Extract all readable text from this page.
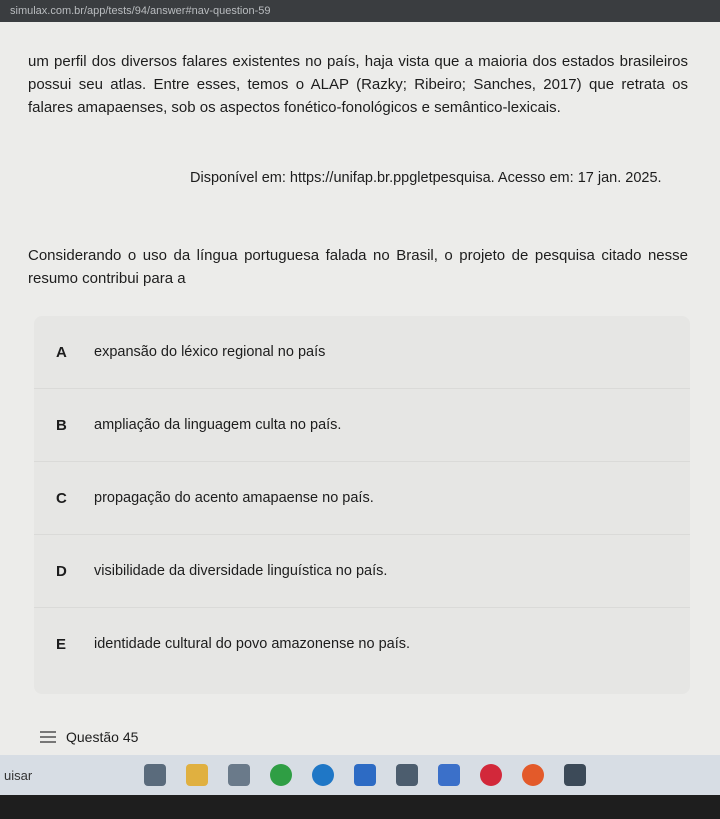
simulax.com.br/app/tests/94/answer#nav-question-59
um perfil dos diversos falares existentes no país, haja vista que a maioria dos estados brasileiros possui seu atlas. Entre esses, temos o ALAP (Razky; Ribeiro; Sanches, 2017) que retrata os falares amapaenses, sob os aspectos fonético-fonológicos e semântico-lexicais.
Disponível em: https://unifap.br.ppgletpesquisa. Acesso em: 17 jan. 2025.
Considerando o uso da língua portuguesa falada no Brasil, o projeto de pesquisa citado nesse resumo contribui para a
A	expansão do léxico regional no país
B	ampliação da linguagem culta no país.
C	propagação do acento amapaense no país.
D	visibilidade da diversidade linguística no país.
E	identidade cultural do povo amazonense no país.
Questão 45
uisar
